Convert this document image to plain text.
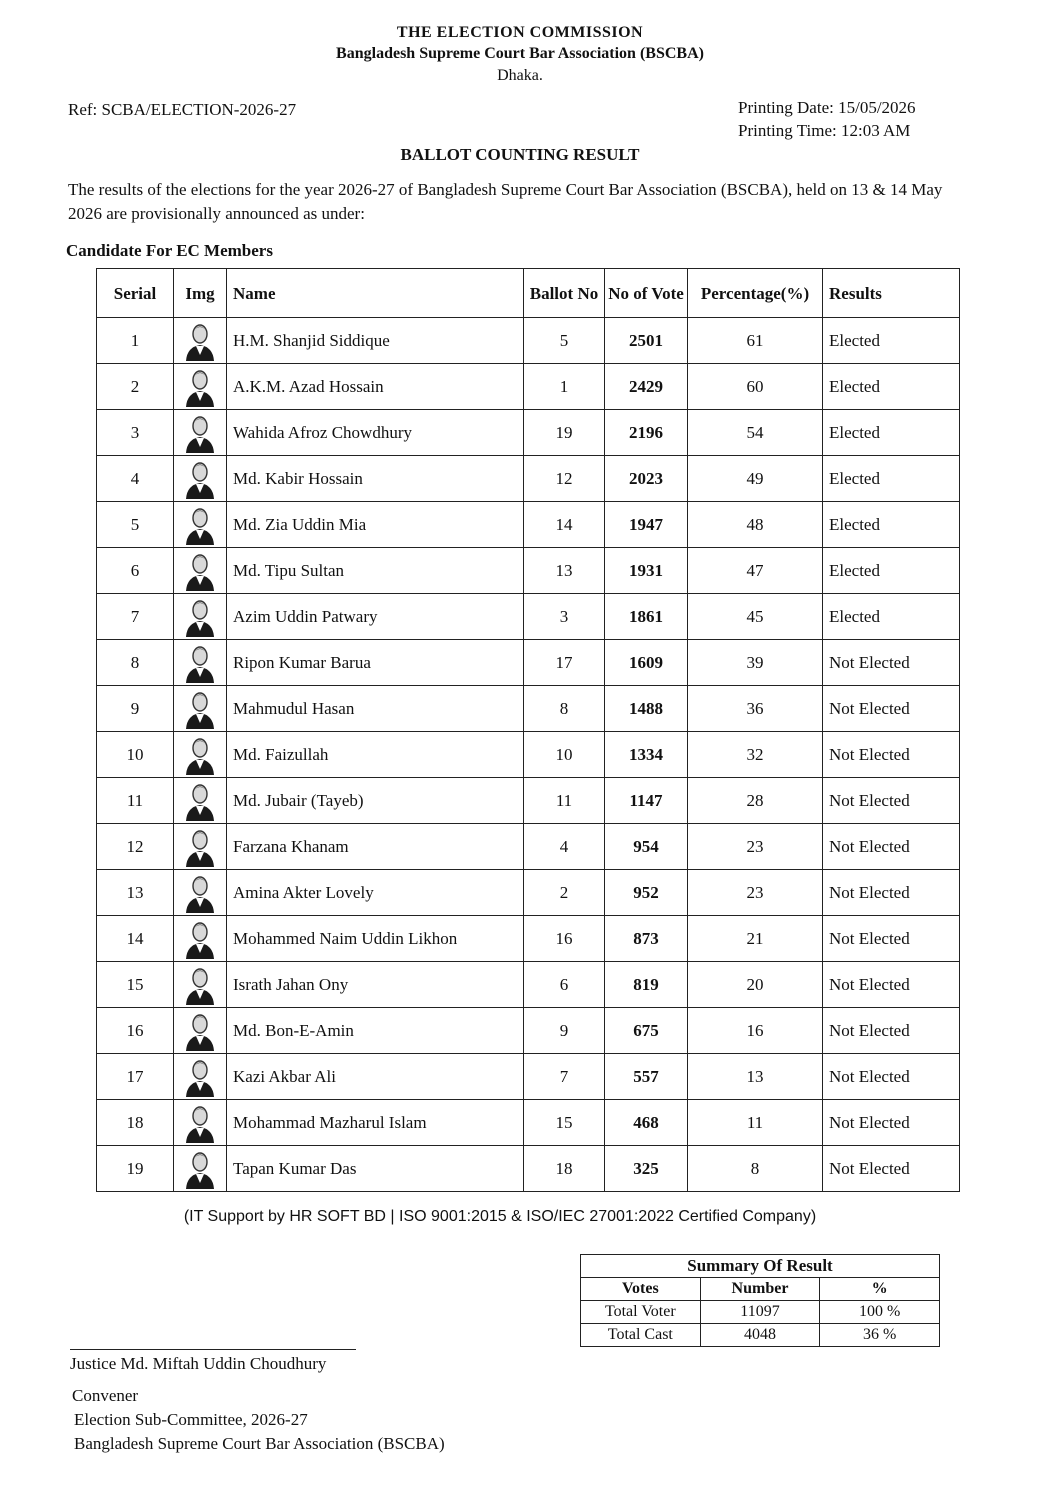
THE ELECTION COMMISSION
Bangladesh Supreme Court Bar Association (BSCBA)
Dhaka.
Ref: SCBA/ELECTION-2026-27	Printing Date: 15/05/2026
Printing Time: 12:03 AM
BALLOT COUNTING RESULT
The results of the elections for the year 2026-27 of Bangladesh Supreme Court Bar Association (BSCBA), held on 13 & 14 May 2026 are provisionally announced as under:
Candidate For EC Members
Serial	Img	Name	Ballot No	No of Vote	Percentage(%)	Results
1		H.M. Shanjid Siddique	5	2501	61	Elected
2		A.K.M. Azad Hossain	1	2429	60	Elected
3		Wahida Afroz Chowdhury	19	2196	54	Elected
4		Md. Kabir Hossain	12	2023	49	Elected
5		Md. Zia Uddin Mia	14	1947	48	Elected
6		Md. Tipu Sultan	13	1931	47	Elected
7		Azim Uddin Patwary	3	1861	45	Elected
8		Ripon Kumar Barua	17	1609	39	Not Elected
9		Mahmudul Hasan	8	1488	36	Not Elected
10		Md. Faizullah	10	1334	32	Not Elected
11		Md. Jubair (Tayeb)	11	1147	28	Not Elected
12		Farzana Khanam	4	954	23	Not Elected
13		Amina Akter Lovely	2	952	23	Not Elected
14		Mohammed Naim Uddin Likhon	16	873	21	Not Elected
15		Israth Jahan Ony	6	819	20	Not Elected
16		Md. Bon-E-Amin	9	675	16	Not Elected
17		Kazi Akbar Ali	7	557	13	Not Elected
18		Mohammad Mazharul Islam	15	468	11	Not Elected
19		Tapan Kumar Das	18	325	8	Not Elected
(IT Support by HR SOFT BD | ISO 9001:2015 & ISO/IEC 27001:2022 Certified Company)
Summary Of Result		
Votes	Number	%
Total Voter	11097	100 %
Total Cast	4048	36 %
Justice Md. Miftah Uddin Choudhury
Convener
Election Sub-Committee, 2026-27
Bangladesh Supreme Court Bar Association (BSCBA)
